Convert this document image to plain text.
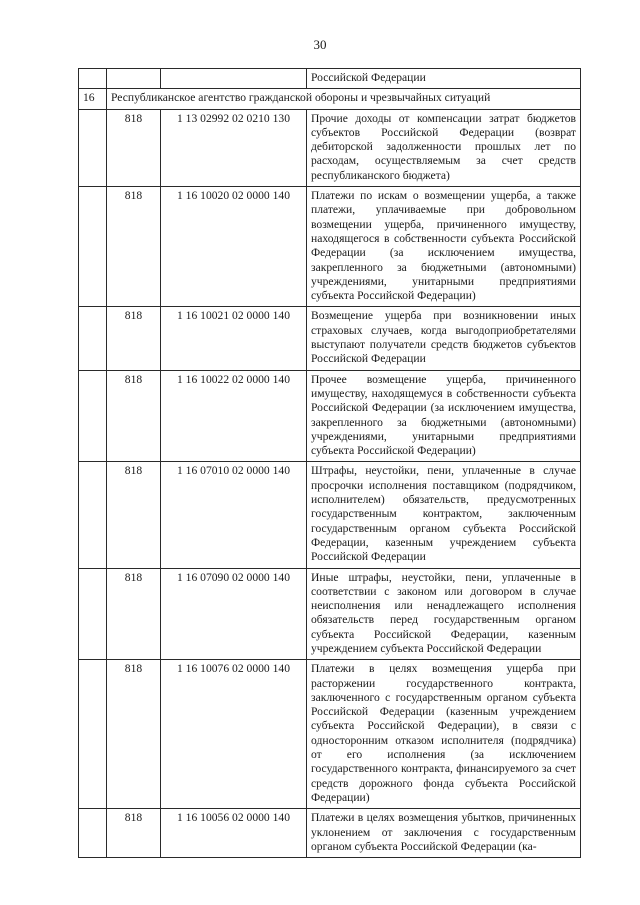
30
			Российской Федерации
16	Республиканское агентство гражданской обороны и чрезвычайных ситуаций		
	818	1 13 02992 02 0210 130	Прочие доходы от компенсации затрат бюджетов субъектов Российской Федерации (возврат дебиторской задолженности прошлых лет по расходам, осуществляемым за счет средств республиканского бюджета)
	818	1 16 10020 02 0000 140	Платежи по искам о возмещении ущерба, а также платежи, уплачиваемые при добровольном возмещении ущерба, причиненного имуществу, находящегося в собственности субъекта Российской Федерации (за исключением имущества, закрепленного за бюджетными (автономными) учреждениями, унитарными предприятиями субъекта Российской Федерации)
	818	1 16 10021 02 0000 140	Возмещение ущерба при возникновении иных страховых случаев, когда выгодоприобретателями выступают получатели средств бюджетов субъектов Российской Федерации
	818	1 16 10022 02 0000 140	Прочее возмещение ущерба, причиненного имуществу, находящемуся в собственности субъекта Российской Федерации (за исключением имущества, закрепленного за бюджетными (автономными) учреждениями, унитарными предприятиями субъекта Российской Федерации)
	818	1 16 07010 02 0000 140	Штрафы, неустойки, пени, уплаченные в случае просрочки исполнения поставщиком (подрядчиком, исполнителем) обязательств, предусмотренных государственным контрактом, заключенным государственным органом субъекта Российской Федерации, казенным учреждением субъекта Российской Федерации
	818	1 16 07090 02 0000 140	Иные штрафы, неустойки, пени, уплаченные в соответствии с законом или договором в случае неисполнения или ненадлежащего исполнения обязательств перед государственным органом субъекта Российской Федерации, казенным учреждением субъекта Российской Федерации
	818	1 16 10076 02 0000 140	Платежи в целях возмещения ущерба при расторжении государственного контракта, заключенного с государственным органом субъекта Российской Федерации (казенным учреждением субъекта Российской Федерации), в связи с односторонним отказом исполнителя (подрядчика) от его исполнения (за исключением государственного контракта, финансируемого за счет средств дорожного фонда субъекта Российской Федерации)
	818	1 16 10056 02 0000 140	Платежи в целях возмещения убытков, причиненных уклонением от заключения с государственным органом субъекта Российской Федерации (ка-
